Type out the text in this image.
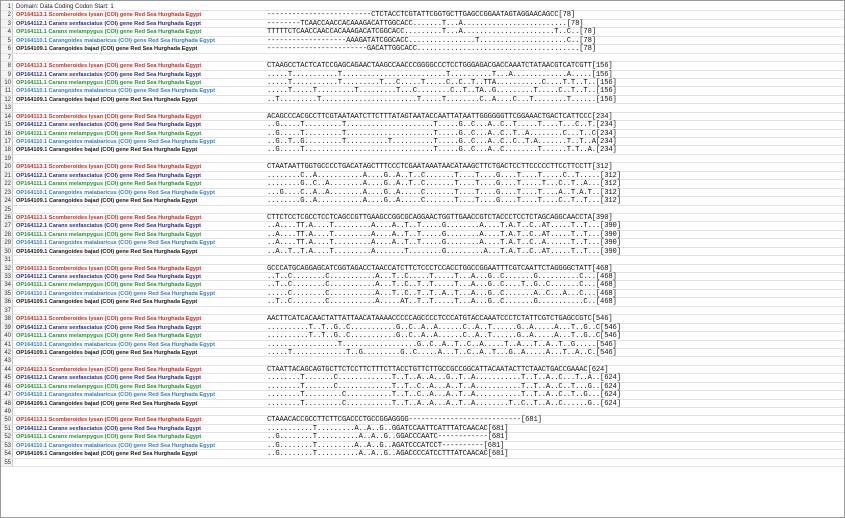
1 Domain: Data Coding Codon Start: 1
2 OP164113.1 Scomberoides lysan (COI) gene Red Sea Hurghada Egypt	-------------------------CTCTACCTCGTATTCGGTGCTTGAGCCGGAATAGTAGGAACAGCC[78]
3 OP164112.1 Caranx sexfasciatus (COI) gene Red Sea Hurghada Egypt	--------TCAACCAACCACAAAGACATTGGCACC.......T...A.........................[78]
4 OP164111.1 Caranx melampygus (COI) gene Red Sea Hurghada Egypt	TTTTTCTCAACCAACCACAAAGACATCGGCACC.........T...A......................T..C..[78]
5 OP164110.1 Carangoides malabaricus (COI) gene Red Sea Hurghada Egypt	-------------------AAAGATATCGGCACC................T.....................C..[78]
6 OP164109.1 Carangoides bajad (COI) gene Red Sea Hurghada Egypt	------------------------GACATTGGCACC.......................................[78]
7
8 OP164113.1 Scomberoides lysan (COI) gene Red Sea Hurghada Egypt	CTAAGCCTACTCATCCGAGCAGAACTAAGCCAACCCGGGGCCCTCCTGGGAGACGACCAAATCTATAACGTCATCGTT[156]
9 OP164112.1 Caranx sexfasciatus (COI) gene Red Sea Hurghada Egypt	.....T...........T.........................T..........T...A.............A.....[156]
10 OP164111.1 Caranx melampygus (COI) gene Red Sea Hurghada Egypt	.....T...........T.........T...C.....T.....C..C..T..TTA...........C....T.T..T..[156]
11 OP164110.1 Carangoides malabaricus (COI) gene Red Sea Hurghada Egypt	.....T.....T.........T.........T...C........C..T..TA..G.........T.....C..T..T..[156]
12 OP164109.1 Carangoides bajad (COI) gene Red Sea Hurghada Egypt	..T.........T.......................T.....T........C..A....C...T........T......[156]
13
14 OP164113.1 Scomberoides lysan (COI) gene Red Sea Hurghada Egypt	ACAGCCCACGCCTTCGTAATAATCTTCTTTATAGTAATACCAATTATAATTGGGGGGTTCGGAAACTGACTCATTCCC[234]
15 OP164112.1 Caranx sexfasciatus (COI) gene Red Sea Hurghada Egypt	..G.....T.........T.....................T.....G..C...A..C..T.....T....T...C..T.[234]
16 OP164111.1 Caranx melampygus (COI) gene Red Sea Hurghada Egypt	..G.....T.........T.....................T.....G..C...A..C..T..A........C...T..C[234]
17 OP164110.1 Carangoides malabaricus (COI) gene Red Sea Hurghada Egypt	..G..T..G.........T..........T..........T.....G..C...A..C..C..T.A.......T..T..A[234]
18 OP164109.1 Carangoides bajad (COI) gene Red Sea Hurghada Egypt	..G.....T...............................T.....G..C...A..C........T......T.T..A.[234]
19
20 OP164113.1 Scomberoides lysan (COI) gene Red Sea Hurghada Egypt	CTAATAATTGGTGCCCCTGACATAGCTTTCCCTCGAATAAATAACATAAGCTTCTGACTCCTTCCCCCTTCCTTCCTT[312]
21 OP164112.1 Caranx sexfasciatus (COI) gene Red Sea Hurghada Egypt	........C..A...........A....G..A..T..C.......T....T....G....T....T.....C..T.....[312]
22 OP164111.1 Caranx melampygus (COI) gene Red Sea Hurghada Egypt	........G..C..A........A....G..A..T..C.......T....T....G....T.....T...C..T..A...[312]
23 OP164110.1 Carangoides malabaricus (COI) gene Red Sea Hurghada Egypt	...G....C..A..A........A....G..A.....C.......T....T....G....T....T....A..T.A.T..[312]
24 OP164109.1 Carangoides bajad (COI) gene Red Sea Hurghada Egypt	........G..A...........A....G..A.....C.......T....T....G....T....T....C..T..T...[312]
25
26 OP164113.1 Scomberoides lysan (COI) gene Red Sea Hurghada Egypt	CTTCTCCTCGCCTCCTCAGCCGTTGAAGCCGGCGCAGGAACTGGTTGAACCGTCTACCCTCCTCTAGCAGGCAACCTA[390]
27 OP164112.1 Caranx sexfasciatus (COI) gene Red Sea Hurghada Egypt	..A....TT.A....T.........A....A..T..T.....G........A....T.A.T..C..AT.....T..T...[390]
28 OP164111.1 Caranx melampygus (COI) gene Red Sea Hurghada Egypt	..A....TT.A....T.........A....A..T..T.....G........A....T.A.T..C..AT.....T..T...[390]
29 OP164110.1 Carangoides malabaricus (COI) gene Red Sea Hurghada Egypt	..A....TT.A....T.........A....A..T..T.....G........A....T.A.T..C..A......T..T...[390]
30 OP164109.1 Carangoides bajad (COI) gene Red Sea Hurghada Egypt	..A..T..T.A....T.........A.......T........G.........A...T.A.T..C..AT.....T..T...[390]
31
32 OP164113.1 Scomberoides lysan (COI) gene Red Sea Hurghada Egypt	GCCCATGCAGGAGCATCGGTAGACCTAACCATCTTCTCCCTCCACCTGGCCGGAATTTCGTCAATTCTAGGGGCTATT[468]
33 OP164112.1 Caranx sexfasciatus (COI) gene Red Sea Hurghada Egypt	..T..C........C...........A...T..C.....T.....T...A...G..C.......G..........C...[468]
34 OP164111.1 Caranx melampygus (COI) gene Red Sea Hurghada Egypt	..T..C........C...........A...T..C..T..T.....T...A...G..C....T..G..C.......C...[468]
35 OP164110.1 Carangoides malabaricus (COI) gene Red Sea Hurghada Egypt	.....C........C...........A...T..C..T..T..A..T...A...G..C.......A..C...A...C...[468]
36 OP164109.1 Carangoides bajad (COI) gene Red Sea Hurghada Egypt	..T..C........C...........A.....AT..T..T.....T...A...G..C.......G...........C..[468]
37
38 OP164113.1 Scomberoides lysan (COI) gene Red Sea Hurghada Egypt	AACTTCATCACAACTATTATTAACATAAAACCCCCAGCCCCTCCCATGTACCAAATCCCTCTATTCGTCTGAGCCGTC[546]
39 OP164112.1 Caranx sexfasciatus (COI) gene Red Sea Hurghada Egypt	..........T..T..G..C...........G..C..A..A......C..A..T......G..A.....A...T..G..C[546]
40 OP164111.1 Caranx melampygus (COI) gene Red Sea Hurghada Egypt	..........T..T..G..C...........G..C..A..A......C..A..T......G..A.....A...T..G..C[546]
41 OP164110.1 Carangoides malabaricus (COI) gene Red Sea Hurghada Egypt	.................T..................G..C..A..T..C..A.....T..A...T..A..T..G.....[546]
42 OP164109.1 Carangoides bajad (COI) gene Red Sea Hurghada Egypt	.....T.............T..G.........G..C.....A...T..C..A..T...G..A.....A...T..A..C.[546]
43
44 OP164113.1 Scomberoides lysan (COI) gene Red Sea Hurghada Egypt	CTAATTACAGCAGTGCTTCTCCTTCTTTCTTACCTGTTCTTGCCGCCGGCATTACAATACTTCTAACTGACCGAAAC[624]
45 OP164112.1 Caranx sexfasciatus (COI) gene Red Sea Hurghada Egypt	........T.......C.............T..T..A..A...G..T..A...........T..T..A..C...T..A..[624]
46 OP164111.1 Caranx melampygus (COI) gene Red Sea Hurghada Egypt	........T.......C.............T..T..C..A...A..T..A...........T..T..A..C..T...G..[624]
47 OP164110.1 Carangoides malabaricus (COI) gene Red Sea Hurghada Egypt	........T.........C...........T..T..C..A...A..T..A...........T..T..A..C..T..G...[624]
48 OP164109.1 Carangoides bajad (COI) gene Red Sea Hurghada Egypt	........T.........C...........T..T..A..A...A..T..A........T..C..T..A..C......G..[624]
49
50 OP164113.1 Scomberoides lysan (COI) gene Red Sea Hurghada Egypt	CTAAACACCGCCTTCTTCGACCCTGCCGGAGGGG---------------------------[681]
51 OP164112.1 Caranx sexfasciatus (COI) gene Red Sea Hurghada Egypt	...........T.........A..A..G..GGATCCAATTCATTTATCAACAC[681]
52 OP164111.1 Caranx melampygus (COI) gene Red Sea Hurghada Egypt	..G........T..........A..A..G..GGACCCAATC------------[681]
53 OP164110.1 Carangoides malabaricus (COI) gene Red Sea Hurghada Egypt	..G........T.........A..A..G..AGATCCCATCCT----------[681]
54 OP164109.1 Carangoides bajad (COI) gene Red Sea Hurghada Egypt	..G........T..........A..A..G..AGACCCCATCCTTTATCAACAC[681]
55
